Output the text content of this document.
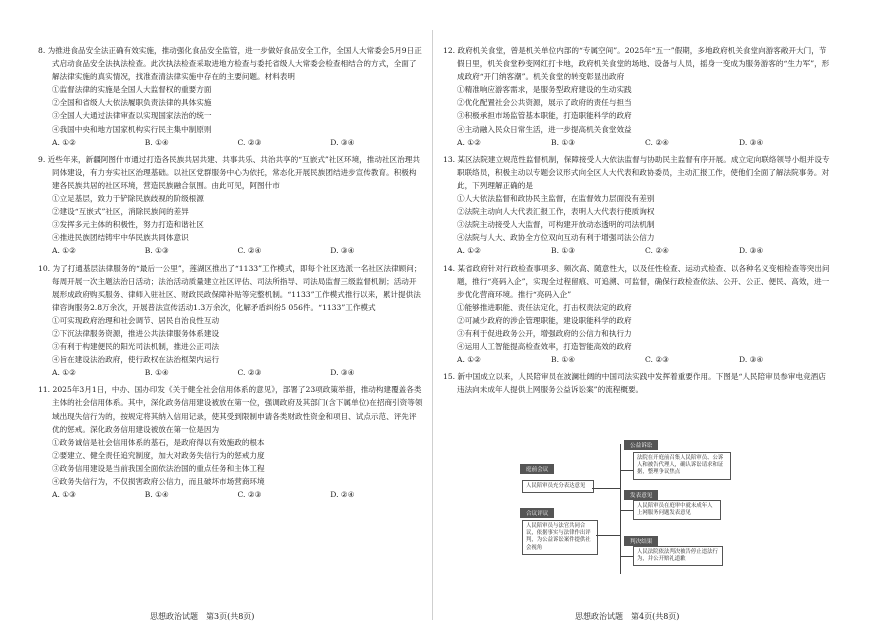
8. 为推进食品安全法正确有效实施，推动强化食品安全监管，进一步做好食品安全工作，全国人大常委会5月9日正式启动食品安全法执法检查。此次执法检查采取进地方检查与委托省级人大常委会检查相结合的方式，全面了解法律实施的真实情况，找准查清法律实施中存在的主要问题。材料表明

①监督法律的实施是全国人大监督权的重要方面

②全国和省级人大依法履职负责法律的具体实施

③全国人大通过法律审查以实现国家法治的统一

④我国中央和地方国家机构实行民主集中制原则

A. ①②	B. ①④	C. ②③	D. ③④

9. 近些年来，新疆阿图什市通过打造各民族共居共建、共事共乐、共治共享的“互嵌式”社区环境，推动社区治理共同体建设，有力夯实社区治理基础。以社区党群服务中心为依托，常态化开展民族团结进步宣传教育。积极构建各民族共居的社区环境，营造民族融合氛围。由此可见，阿图什市

①立足基层，致力于铲除民族歧视的阶级根源

②建设“互嵌式”社区，消除民族间的差异

③发挥多元主体的积极性，努力打造和谐社区

④推进民族团结铸牢中华民族共同体意识

A. ①②	B. ①③	C. ②④	D. ③④

10. 为了打通基层法律服务的“最后一公里”，莲湖区推出了“1133”工作模式，即每个社区选派一名社区法律顾问；每周开展一次主题法治日活动；法治活动质量建立社区评估、司法所指导、司法局监督三级监督机制；活动开展形成政府购买服务、律师入驻社区、财政民政保障补贴等完整机制。“1133”工作模式推行以来，累计提供法律咨询服务2.8万余次，开展普法宣传活动1.3万余次，化解矛盾纠纷5 056件。“1133”工作模式

①可实现政府治理和社会调节、居民自治良性互动

②下沉法律服务资源，推进公共法律服务体系建设

③有利于构建便民的阳光司法机制，推进公正司法

④旨在建设法治政府，使行政权在法治框架内运行

A. ①②	B. ①④	C. ②③	D. ③④

11. 2025年3月1日，中办、国办印发《关于健全社会信用体系的意见》，部署了23项政策举措，推动构建覆盖各类主体的社会信用体系。其中，深化政务信用建设被放在第一位，强调政府及其部门(含下属单位)在招商引资等领域出现失信行为的，按规定将其纳入信用记录，使其受到限制申请各类财政性资金和项目、试点示范、评先评优的惩戒。深化政务信用建设被放在第一位是因为

①政务诚信是社会信用体系的基石，是政府得以有效施政的根本

②要建立、健全责任追究制度，加大对政务失信行为的惩戒力度

③政务信用建设是当前我国全面依法治国的重点任务和主体工程

④政务失信行为，不仅损害政府公信力，而且破坏市场营商环境

A. ①③	B. ①④	C. ②③	D. ②④
思想政治试题　第3页(共8页)

12. 政府机关食堂，曾是机关单位内部的“专属空间”。2025年“五一”假期，多地政府机关食堂向游客敞开大门，节假日里，机关食堂秒变网红打卡地，政府机关食堂的场地、设备与人员，摇身一变成为服务游客的“生力军”，形成政府“开门纳客潮”。机关食堂的转变彰显出政府

①精准响应游客需求，是服务型政府建设的生动实践

②优化配置社会公共资源，展示了政府的责任与担当

③积极承担市场监管基本职能，打造职能科学的政府

④主动融入民众日常生活，进一步提高机关食堂效益

A. ①②	B. ①③	C. ②④	D. ③④

13. 某区法院建立规范性监督机制，保障接受人大依法监督与协助民主监督有序开展。成立定向联络领导小组并设专职联络员，积极主动以专题会议形式向全区人大代表和政协委员，主动汇报工作，使他们全面了解法院事务。对此，下列理解正确的是

①人大依法监督和政协民主监督，在监督效力层面没有差别

②法院主动向人大代表汇报工作，表明人大代表行使质询权

③法院主动接受人大监督，可构建开放动态透明的司法机制

④法院与人大、政协全方位双向互动有利于增强司法公信力

A. ①②	B. ①③	C. ②④	D. ③④

14. 某省政府针对行政检查事项多、频次高、随意性大，以及任性检查、运动式检查、以各种名义变相检查等突出问题，推行“亮码入企”，实现全过程留痕、可追溯、可监督，确保行政检查依法、公开、公正、便民、高效，进一步优化营商环境。推行“亮码入企”

①能够推进职能、责任法定化，打击权责法定的政府

②可减少政府的涉企管理职能，建设职能科学的政府

③有利于促进政务公开，增强政府的公信力和执行力

④运用人工智能提高检查效率，打造智能高效的政府

A. ①②	B. ①④	C. ②③	D. ③④

15. 新中国成立以来，人民陪审员在波澜壮阔的中国司法实践中发挥着重要作用。下图是“人民陪审员参审电竞酒店违法向未成年人提供上网服务公益诉讼案”的流程概要。

公益诉讼
法院在开庭前召集人民陪审员、公诉人和被告代理人，确认诉讼请求和证据，整理争议焦点
庭前会议
发表意见
人民陪审员在庭审中就未成年人上网服务问题发表意见
人民陪审员充分表达意见
合议评议
人民陪审员与法官共同合议，依据事实与法律作出评判，为公益诉讼案件提供社会视角
判决结果
人民法院依法判决被告停止违法行为，并公开赔礼道歉
思想政治试题　第4页(共8页)
